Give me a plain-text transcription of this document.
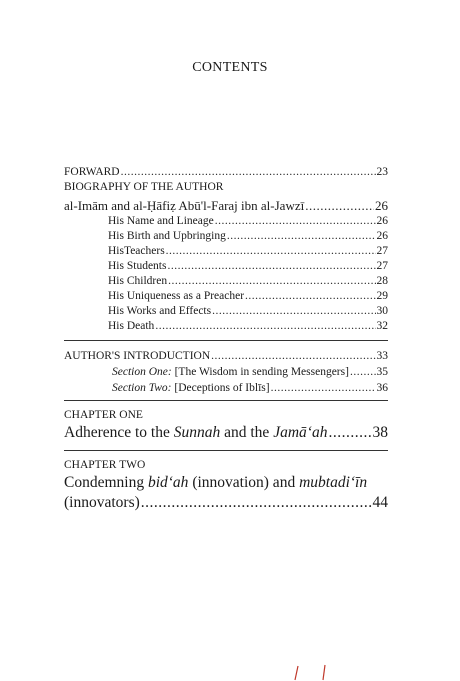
CONTENTS
FORWARD .....	23
BIOGRAPHY OF THE AUTHOR
al-Imām and al-Ḥāfiẓ Abū'l-Faraj ibn al-Jawzī .....	26
His Name and Lineage .....	26
His Birth and Upbringing .....	26
HisTeachers .....	27
His Students .....	27
His Children .....	28
His Uniqueness as a Preacher .....	29
His Works and Effects .....	30
His Death .....	32
AUTHOR'S INTRODUCTION .....	33
Section One: [The Wisdom in sending Messengers] ..... 35
Section Two: [Deceptions of Iblīs] .....	36
CHAPTER ONE
Adherence to the Sunnah and the Jamā‘ah .....	38
CHAPTER TWO
Condemning bid‘ah (innovation) and mubtadi‘īn
(innovators) .....	44
